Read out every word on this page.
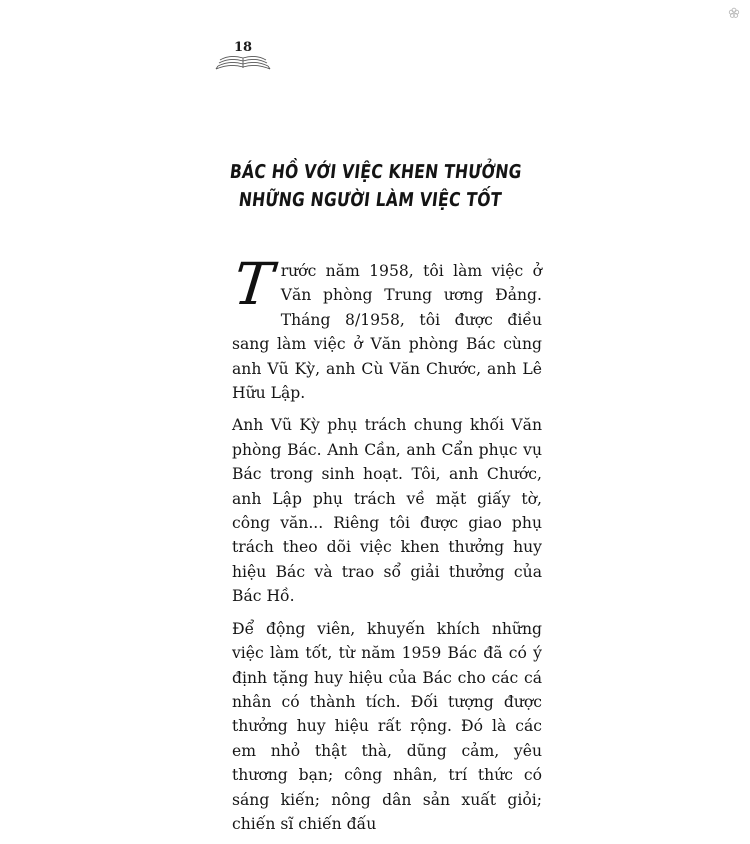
18
BÁC HỒ VỚI VIỆC KHEN THƯỞNG
NHỮNG NGƯỜI LÀM VIỆC TỐT

Trước năm 1958, tôi làm việc ở Văn phòng Trung ương Đảng. Tháng 8/1958, tôi được điều sang làm việc ở Văn phòng Bác cùng anh Vũ Kỳ, anh Cù Văn Chước, anh Lê Hữu Lập.

Anh Vũ Kỳ phụ trách chung khối Văn phòng Bác. Anh Cần, anh Cẩn phục vụ Bác trong sinh hoạt. Tôi, anh Chước, anh Lập phụ trách về mặt giấy tờ, công văn... Riêng tôi được giao phụ trách theo dõi việc khen thưởng huy hiệu Bác và trao sổ giải thưởng của Bác Hồ.

Để động viên, khuyến khích những việc làm tốt, từ năm 1959 Bác đã có ý định tặng huy hiệu của Bác cho các cá nhân có thành tích. Đối tượng được thưởng huy hiệu rất rộng. Đó là các em nhỏ thật thà, dũng cảm, yêu thương bạn; công nhân, trí thức có sáng kiến; nông dân sản xuất giỏi; chiến sĩ chiến đấu
